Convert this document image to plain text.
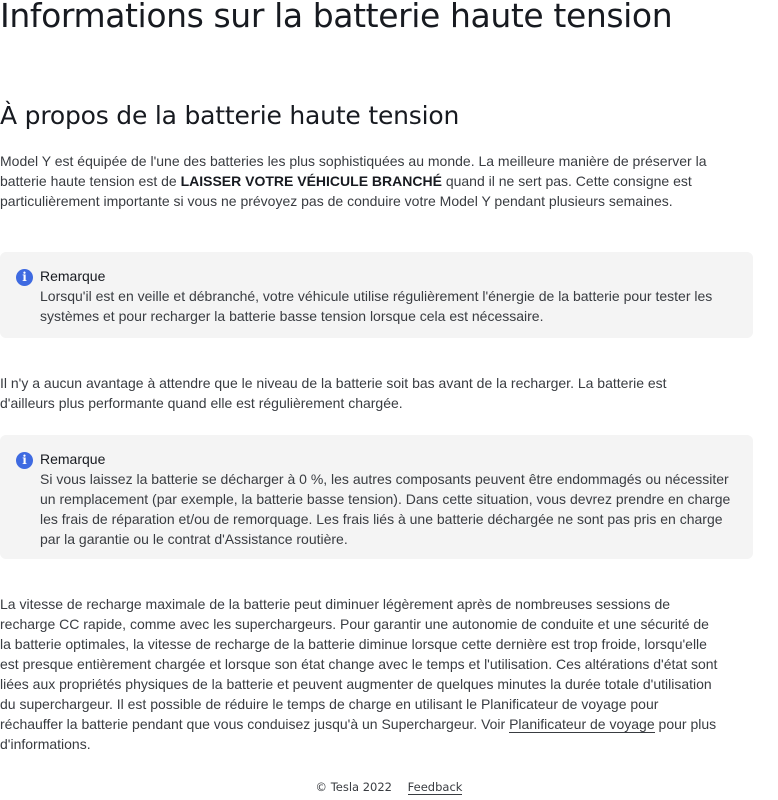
Informations sur la batterie haute tension
À propos de la batterie haute tension

Model Y est équipée de l'une des batteries les plus sophistiquées au monde. La meilleure manière de préserver la batterie haute tension est de LAISSER VOTRE VÉHICULE BRANCHÉ quand il ne sert pas. Cette consigne est particulièrement importante si vous ne prévoyez pas de conduire votre Model Y pendant plusieurs semaines.

i Remarque
Lorsqu'il est en veille et débranché, votre véhicule utilise régulièrement l'énergie de la batterie pour tester les systèmes et pour recharger la batterie basse tension lorsque cela est nécessaire.

Il n'y a aucun avantage à attendre que le niveau de la batterie soit bas avant de la recharger. La batterie est d'ailleurs plus performante quand elle est régulièrement chargée.

i Remarque
Si vous laissez la batterie se décharger à 0 %, les autres composants peuvent être endommagés ou nécessiter un remplacement (par exemple, la batterie basse tension). Dans cette situation, vous devrez prendre en charge les frais de réparation et/ou de remorquage. Les frais liés à une batterie déchargée ne sont pas pris en charge par la garantie ou le contrat d'Assistance routière.

La vitesse de recharge maximale de la batterie peut diminuer légèrement après de nombreuses sessions de recharge CC rapide, comme avec les superchargeurs. Pour garantir une autonomie de conduite et une sécurité de la batterie optimales, la vitesse de recharge de la batterie diminue lorsque cette dernière est trop froide, lorsqu'elle est presque entièrement chargée et lorsque son état change avec le temps et l'utilisation. Ces altérations d'état sont liées aux propriétés physiques de la batterie et peuvent augmenter de quelques minutes la durée totale d'utilisation du superchargeur. Il est possible de réduire le temps de charge en utilisant le Planificateur de voyage pour réchauffer la batterie pendant que vous conduisez jusqu'à un Superchargeur. Voir Planificateur de voyage pour plus d'informations.

© Tesla 2022 Feedback
